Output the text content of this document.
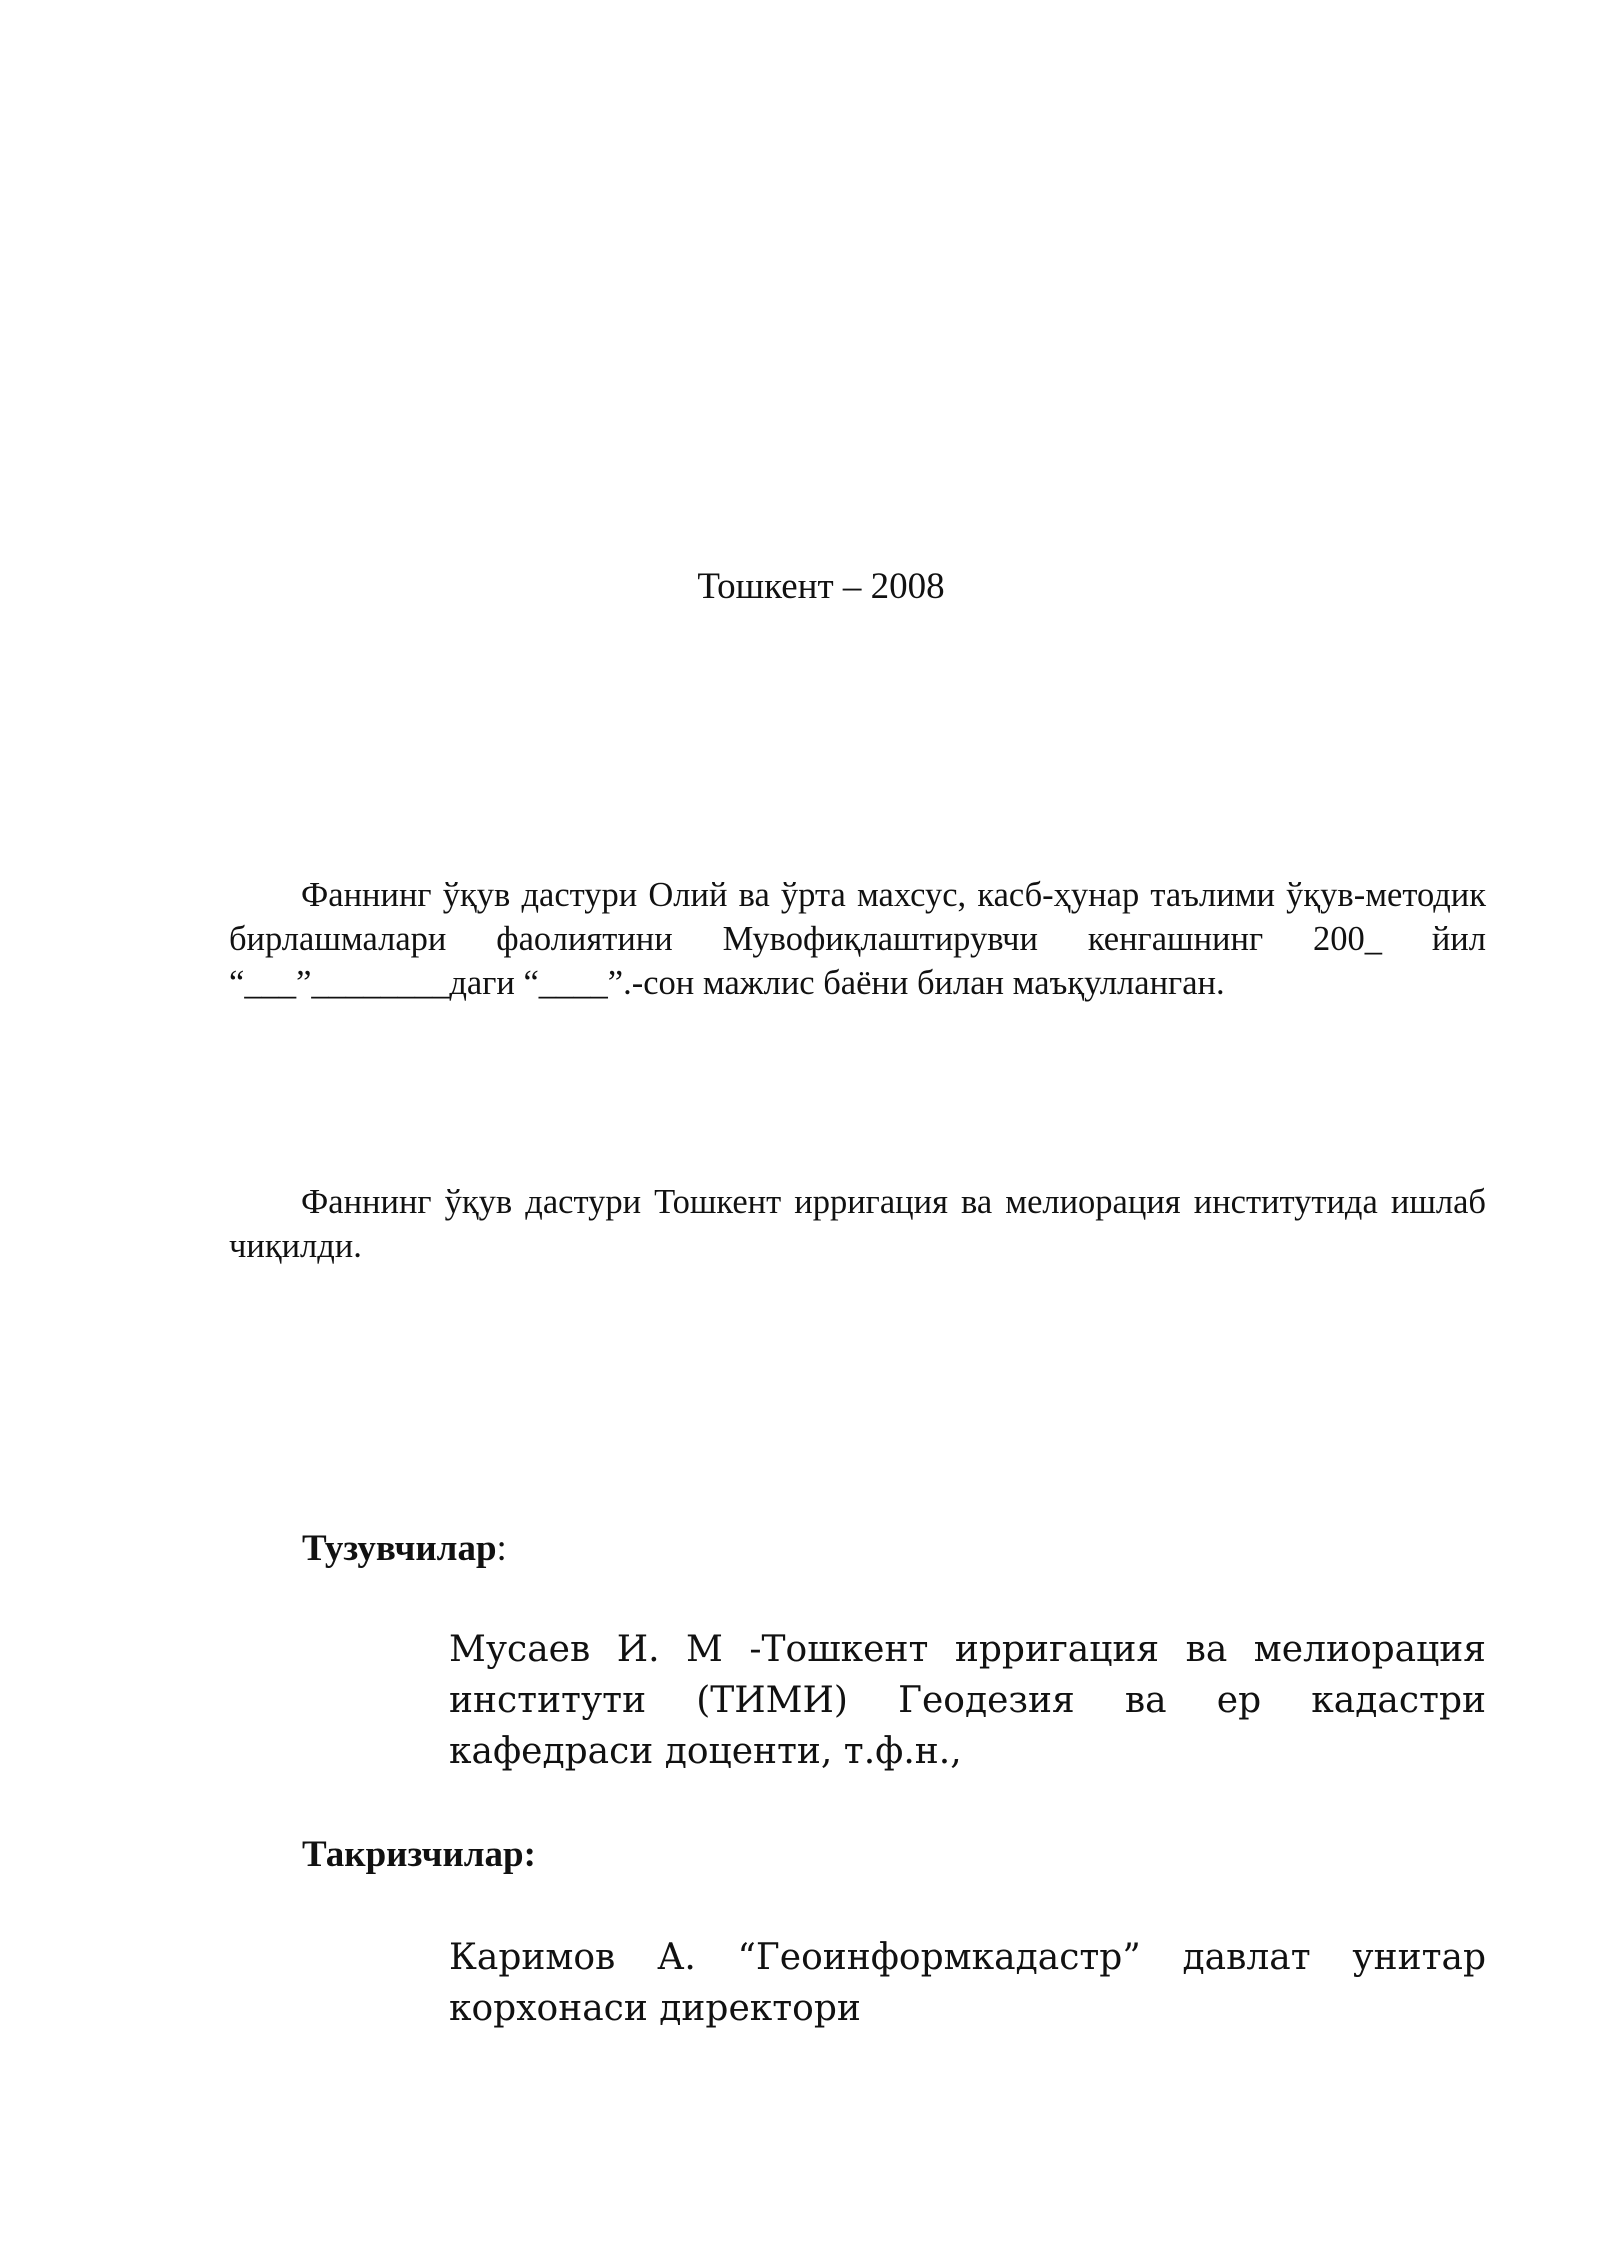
Тошкент – 2008

Фаннинг ўқув дастури Олий ва ўрта махсус, касб-ҳунар таълими ўқув-методик бирлашмалари фаолиятини Мувофиқлаштирувчи кенгашнинг 200_ йил “___”________даги “____”.-сон мажлис баёни билан маъқулланган.

Фаннинг ўқув дастури Тошкент ирригация ва мелиорация институтида ишлаб чиқилди.

Тузувчилар:

Мусаев И. М -Тошкент ирригация ва мелиорация институти (ТИМИ) Геодезия ва ер кадастри кафедраси доценти, т.ф.н.,

Такризчилар:

Каримов А. “Геоинформкадастр” давлат унитар корхонаси директори
